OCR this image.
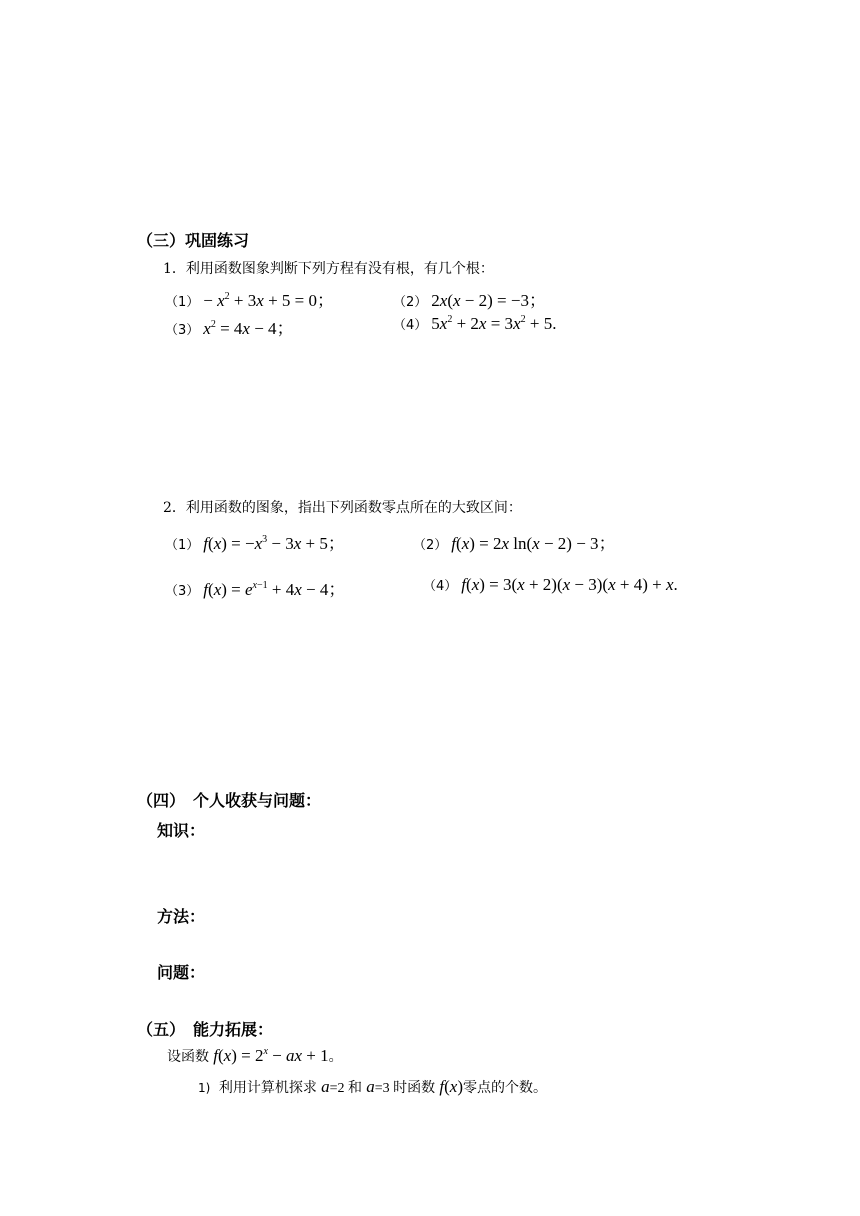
（三）巩固练习
1．利用函数图象判断下列方程有没有根，有几个根：
$(1) - x^2 + 3x + 5 = 0$；	（2） 2x(x − 2) = −3；
（3） $x^2 = 4x - 4$；	（4） $5x^2 + 2x = 3x^2 + 5$.
2．利用函数的图象，指出下列函数零点所在的大致区间：
（1） $f(x) = -x^3 - 3x + 5$；	（2） f(x) = 2x ln(x − 2) − 3；
（3） $f(x) = e^{x-1} + 4x - 4$；	（4） f(x) = 3(x + 2)(x − 3)(x + 4) + x.
（四）　个人收获与问题：
知识：
方法：
问题：
（五）　能力拓展：
设函数 $f(x) = 2^x$ − ax + 1。
1) 利用计算机探求 a=2 和 a=3 时函数 f(x)零点的个数。
